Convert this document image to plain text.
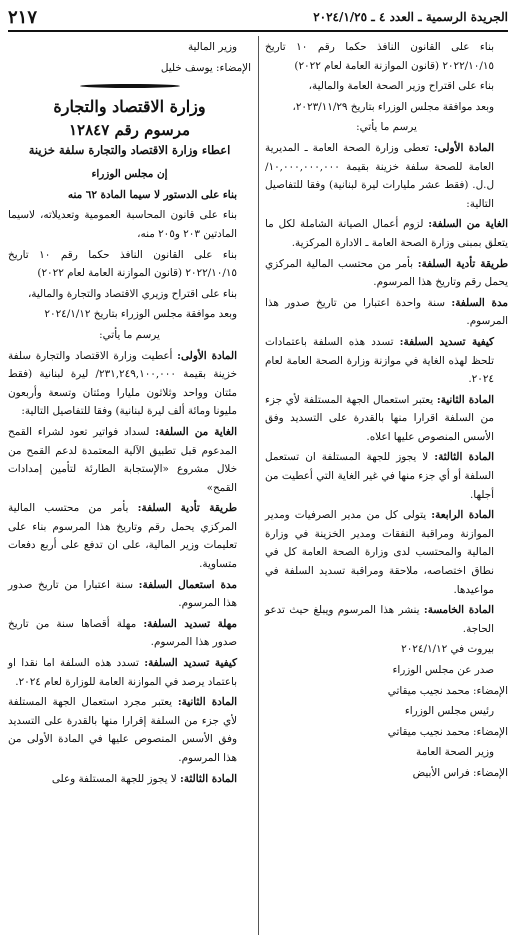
الجريدة الرسمية ـ العدد ٤ ـ ٢٠٢٤/١/٢٥
٢١٧

بناء على القانون النافذ حكما رقم ١٠ تاريخ ٢٠٢٢/١٠/١٥ (قانون الموازنة العامة لعام ٢٠٢٢)

بناء على اقتراح وزير الصحة العامة والمالية،

وبعد موافقة مجلس الوزراء بتاريخ ٢٠٢٣/١١/٢٩،

يرسم ما يأتي:

المادة الأولى: تعطى وزارة الصحة العامة ـ المديرية العامة للصحة سلفة خزينة بقيمة ١٠,٠٠٠,٠٠٠,٠٠٠/ل.ل. (فقط عشر مليارات ليرة لبنانية) وفقا للتفاصيل التالية:

الغاية من السلفة: لزوم أعمال الصيانة الشاملة لكل ما يتعلق بمبنى وزارة الصحة العامة ـ الادارة المركزية.

طريقة تأدية السلفة: بأمر من محتسب المالية المركزي يحمل رقم وتاريخ هذا المرسوم.

مدة السلفة: سنة واحدة اعتبارا من تاريخ صدور هذا المرسوم.

كيفية تسديد السلفة: تسدد هذه السلفة باعتمادات تلحظ لهذه الغاية في موازنة وزارة الصحة العامة لعام ٢٠٢٤.

المادة الثانية: يعتبر استعمال الجهة المستلفة لأي جزء من السلفة اقرارا منها بالقدرة على التسديد وفق الأسس المنصوص عليها اعلاه.

المادة الثالثة: لا يجوز للجهة المستلفة ان تستعمل السلفة أو أي جزء منها في غير الغاية التي أعطيت من أجلها.

المادة الرابعة: يتولى كل من مدير الصرفيات ومدير الموازنة ومراقبة النفقات ومدير الخزينة في وزارة المالية والمحتسب لدى وزارة الصحة العامة كل في نطاق اختصاصه، ملاحقة ومراقبة تسديد السلفة في مواعيدها.

المادة الخامسة: ينشر هذا المرسوم ويبلغ حيث تدعو الحاجة.

بيروت في ٢٠٢٤/١/١٢

صدر عن مجلس الوزراء

الإمضاء: محمد نجيب ميقاتي

رئيس مجلس الوزراء

الإمضاء: محمد نجيب ميقاتي

وزير الصحة العامة

الإمضاء: فراس الأبيض

وزير المالية

الإمضاء: يوسف خليل

وزارة الاقتصاد والتجارة
مرسوم رقم ١٢٨٤٧
اعطاء وزارة الاقتصاد والتجارة سلفة خزينة

إن مجلس الوزراء

بناء على الدستور لا سيما المادة ٦٢ منه

بناء على قانون المحاسبة العمومية وتعديلاته، لاسيما المادتين ٢٠٣ و٢٠٥ منه،

بناء على القانون النافذ حكما رقم ١٠ تاريخ ٢٠٢٢/١٠/١٥ (قانون الموازنة العامة لعام ٢٠٢٢)

بناء على اقتراح وزيري الاقتصاد والتجارة والمالية،

وبعد موافقة مجلس الوزراء بتاريخ ٢٠٢٤/١/١٢

يرسم ما يأتي:

المادة الأولى: أعطيت وزارة الاقتصاد والتجارة سلفة خزينة بقيمة ٢٣١,٢٤٩,١٠٠,٠٠٠/ ليرة لبنانية (فقط مئتان وواحد وثلاثون مليارا ومئتان وتسعة وأربعون مليونا ومائة ألف ليرة لبنانية) وفقا للتفاصيل التالية:

الغاية من السلفة: لسداد فواتير تعود لشراء القمح المدعوم قبل تطبيق الآلية المعتمدة لدعم القمح من خلال مشروع «الإستجابة الطارئة لتأمين إمدادات القمح»

طريقة تأدية السلفة: بأمر من محتسب المالية المركزي يحمل رقم وتاريخ هذا المرسوم بناء على تعليمات وزير المالية، على ان تدفع على أربع دفعات متساوية.

مدة استعمال السلفة: سنة اعتبارا من تاريخ صدور هذا المرسوم.

مهلة تسديد السلفة: مهلة أقصاها سنة من تاريخ صدور هذا المرسوم.

كيفية تسديد السلفة: تسدد هذه السلفة اما نقدا او باعتماد يرصد في الموازنة العامة للوزارة لعام ٢٠٢٤.

المادة الثانية: يعتبر مجرد استعمال الجهة المستلفة لأي جزء من السلفة إقرارا منها بالقدرة على التسديد وفق الأسس المنصوص عليها في المادة الأولى من هذا المرسوم.

المادة الثالثة: لا يجوز للجهة المستلفة وعلى
